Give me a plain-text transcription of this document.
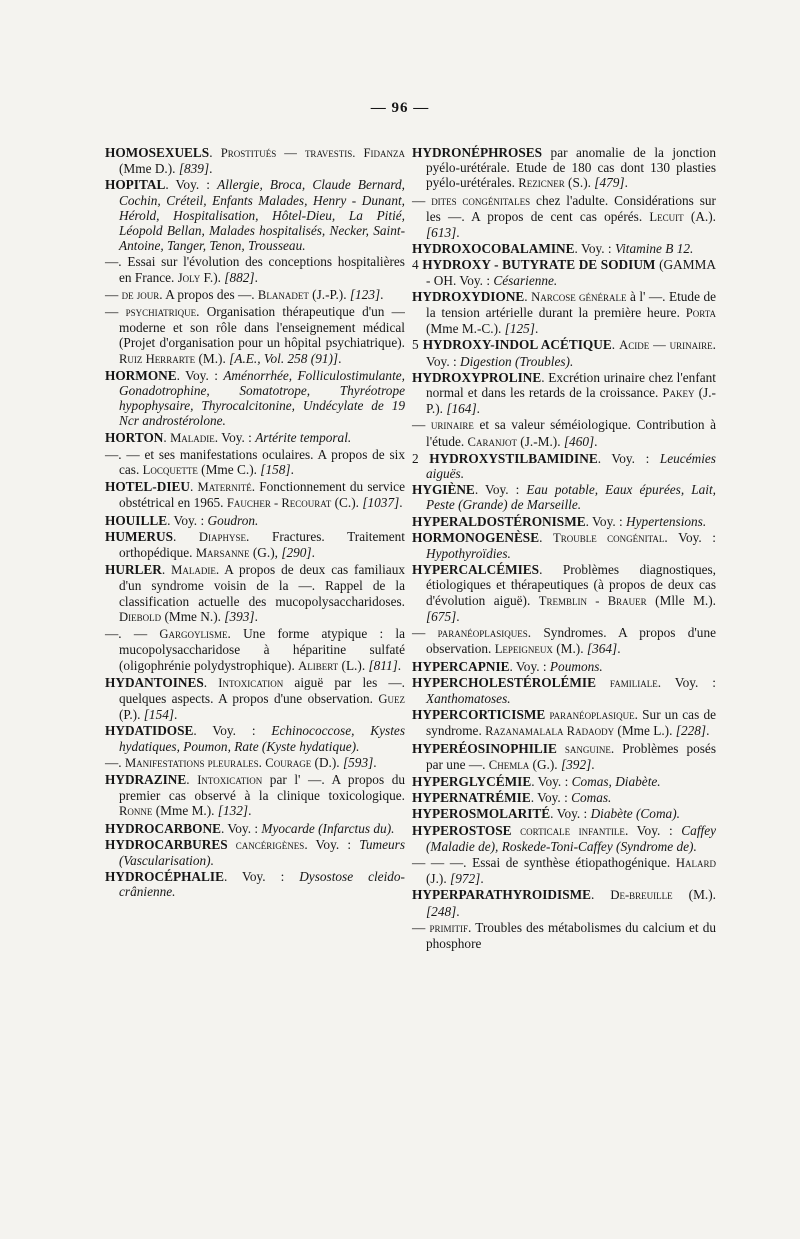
— 96 —

HOMOSEXUELS. Prostitués — travestis. Fidanza (Mme D.). [839].

HOPITAL. Voy. : Allergie, Broca, Claude Bernard, Cochin, Créteil, Enfants Malades, Henry - Dunant, Hérold, Hospitalisation, Hôtel-Dieu, La Pitié, Léopold Bellan, Malades hospitalisés, Necker, Saint-Antoine, Tanger, Tenon, Trousseau.

—. Essai sur l'évolution des conceptions hospitalières en France. Joly F.). [882].

— de jour. A propos des —. Blanadet (J.-P.). [123].

— psychiatrique. Organisation thérapeutique d'un — moderne et son rôle dans l'enseignement médical (Projet d'organisation pour un hôpital psychiatrique). Ruiz Herrarte (M.). [A.E., Vol. 258 (91)].

HORMONE. Voy. : Aménorrhée, Folliculostimulante, Gonadotrophine, Somatotrope, Thyréotrope hypophysaire, Thyrocalcitonine, Undécylate de 19 Ncr androstérolone.

HORTON. Maladie. Voy. : Artérite temporal.

—. — et ses manifestations oculaires. A propos de six cas. Locquette (Mme C.). [158].

HOTEL-DIEU. Maternité. Fonctionnement du service obstétrical en 1965. Faucher - Recourat (C.). [1037].

HOUILLE. Voy. : Goudron.

HUMERUS. Diaphyse. Fractures. Traitement orthopédique. Marsanne (G.), [290].

HURLER. Maladie. A propos de deux cas familiaux d'un syndrome voisin de la —. Rappel de la classification actuelle des mucopolysaccharidoses. Diebold (Mme N.). [393].

—. — Gargoylisme. Une forme atypique : la mucopolysaccharidose à héparitine sulfaté (oligophrénie polydystrophique). Alibert (L.). [811].

HYDANTOINES. Intoxication aiguë par les —. quelques aspects. A propos d'une observation. Guez (P.). [154].

HYDATIDOSE. Voy. : Echinococcose, Kystes hydatiques, Poumon, Rate (Kyste hydatique).

—. Manifestations pleurales. Courage (D.). [593].

HYDRAZINE. Intoxication par l' —. A propos du premier cas observé à la clinique toxicologique. Ronne (Mme M.). [132].

HYDROCARBONE. Voy. : Myocarde (Infarctus du).

HYDROCARBURES cancérigènes. Voy. : Tumeurs (Vascularisation).

HYDROCÉPHALIE. Voy. : Dysostose cleido-crânienne.

HYDRONÉPHROSES par anomalie de la jonction pyélo-urétérale. Etude de 180 cas dont 130 plasties pyélo-urétérales. Rezicner (S.). [479].

— dites congénitales chez l'adulte. Considérations sur les —. A propos de cent cas opérés. Lecuit (A.). [613].

HYDROXOCOBALAMINE. Voy. : Vitamine B 12.

4 HYDROXY - BUTYRATE DE SODIUM (GAMMA - OH. Voy. : Césarienne.

HYDROXYDIONE. Narcose générale à l' —. Etude de la tension artérielle durant la première heure. Porta (Mme M.-C.). [125].

5 HYDROXY-INDOL ACÉTIQUE. Acide — urinaire. Voy. : Digestion (Troubles).

HYDROXYPROLINE. Excrétion urinaire chez l'enfant normal et dans les retards de la croissance. Pakey (J.-P.). [164].

— urinaire et sa valeur séméiologique. Contribution à l'étude. Caranjot (J.-M.). [460].

2 HYDROXYSTILBAMIDINE. Voy. : Leucémies aiguës.

HYGIÈNE. Voy. : Eau potable, Eaux épurées, Lait, Peste (Grande) de Marseille.

HYPERALDOSTÉRONISME. Voy. : Hypertensions.

HORMONOGENÈSE. Trouble congénital. Voy. : Hypothyroïdies.

HYPERCALCÉMIES. Problèmes diagnostiques, étiologiques et thérapeutiques (à propos de deux cas d'évolution aiguë). Tremblin - Brauer (Mlle M.). [675].

— paranéoplasiques. Syndromes. A propos d'une observation. Lepeigneux (M.). [364].

HYPERCAPNIE. Voy. : Poumons.

HYPERCHOLESTÉROLÉMIE familiale. Voy. : Xanthomatoses.

HYPERCORTICISME paranéoplasique. Sur un cas de syndrome. Razanamalala Radaody (Mme L.). [228].

HYPERÉOSINOPHILIE sanguine. Problèmes posés par une —. Chemla (G.). [392].

HYPERGLYCÉMIE. Voy. : Comas, Diabète.

HYPERNATRÉMIE. Voy. : Comas.

HYPEROSMOLARITÉ. Voy. : Diabète (Coma).

HYPEROSTOSE corticale infantile. Voy. : Caffey (Maladie de), Roskede-Toni-Caffey (Syndrome de).

— — —. Essai de synthèse étiopathogénique. Halard (J.). [972].

HYPERPARATHYROIDISME. De-breuille (M.). [248].

— primitif. Troubles des métabolismes du calcium et du phosphore
